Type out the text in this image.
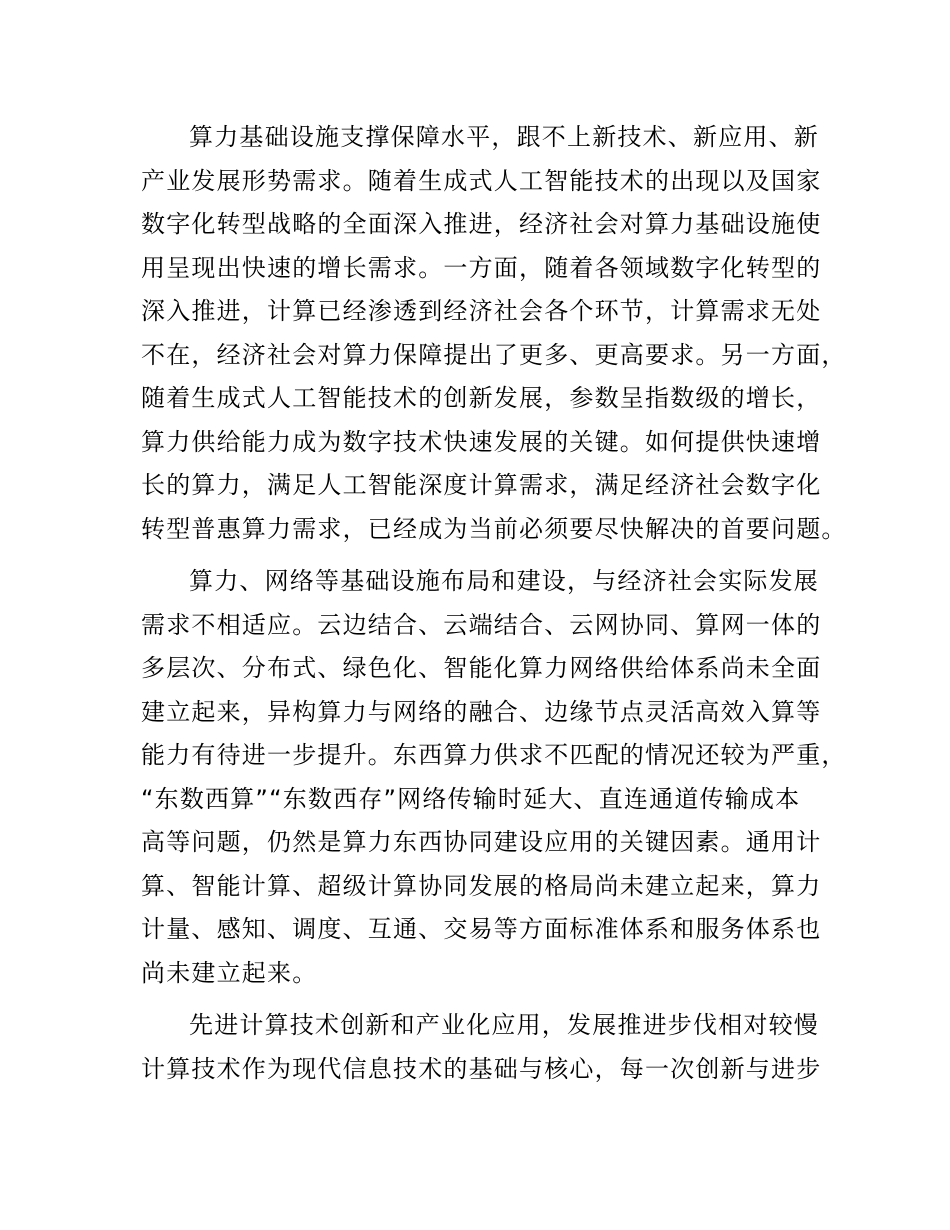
算力基础设施支撑保障水平，跟不上新技术、新应用、新
产业发展形势需求。随着生成式人工智能技术的出现以及国家
数字化转型战略的全面深入推进，经济社会对算力基础设施使
用呈现出快速的增长需求。一方面，随着各领域数字化转型的
深入推进，计算已经渗透到经济社会各个环节，计算需求无处
不在，经济社会对算力保障提出了更多、更高要求。另一方面，
随着生成式人工智能技术的创新发展，参数呈指数级的增长，
算力供给能力成为数字技术快速发展的关键。如何提供快速增
长的算力，满足人工智能深度计算需求，满足经济社会数字化
转型普惠算力需求，已经成为当前必须要尽快解决的首要问题。
算力、网络等基础设施布局和建设，与经济社会实际发展
需求不相适应。云边结合、云端结合、云网协同、算网一体的
多层次、分布式、绿色化、智能化算力网络供给体系尚未全面
建立起来，异构算力与网络的融合、边缘节点灵活高效入算等
能力有待进一步提升。东西算力供求不匹配的情况还较为严重，
“东数西算”“东数西存”网络传输时延大、直连通道传输成本
高等问题，仍然是算力东西协同建设应用的关键因素。通用计
算、智能计算、超级计算协同发展的格局尚未建立起来，算力
计量、感知、调度、互通、交易等方面标准体系和服务体系也
尚未建立起来。
先进计算技术创新和产业化应用，发展推进步伐相对较慢
计算技术作为现代信息技术的基础与核心，每一次创新与进步
